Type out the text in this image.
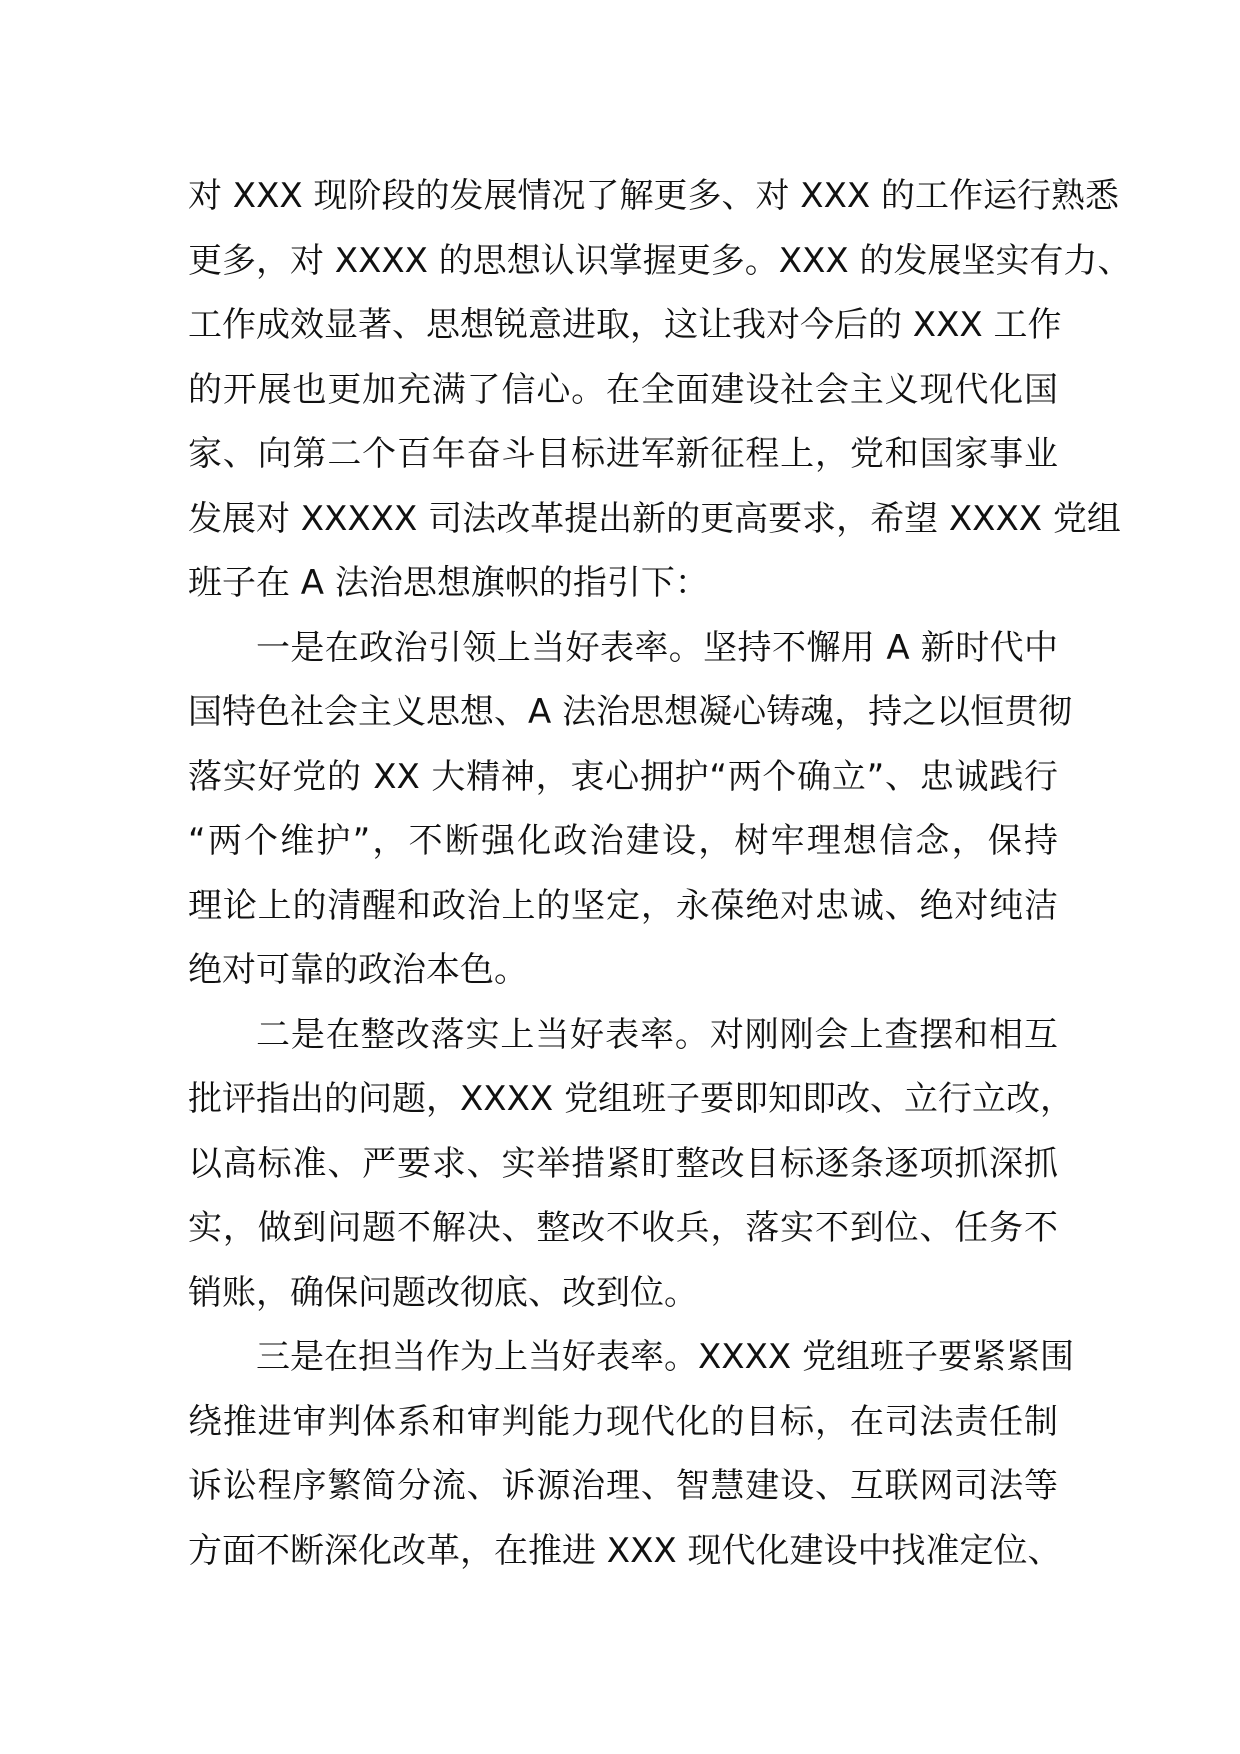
对 XXX 现阶段的发展情况了解更多、对 XXX 的工作运行熟悉
更多，对 XXXX 的思想认识掌握更多。XXX 的发展坚实有力、
工作成效显著、思想锐意进取，这让我对今后的 XXX 工作
的开展也更加充满了信心。在全面建设社会主义现代化国
家、向第二个百年奋斗目标进军新征程上，党和国家事业
发展对 XXXXX 司法改革提出新的更高要求，希望 XXXX 党组
班子在 A 法治思想旗帜的指引下：
一是在政治引领上当好表率。坚持不懈用 A 新时代中
国特色社会主义思想、A 法治思想凝心铸魂，持之以恒贯彻
落实好党的 XX 大精神，衷心拥护“两个确立”、忠诚践行
“两个维护”，不断强化政治建设，树牢理想信念，保持
理论上的清醒和政治上的坚定，永葆绝对忠诚、绝对纯洁
绝对可靠的政治本色。
二是在整改落实上当好表率。对刚刚会上查摆和相互
批评指出的问题，XXXX 党组班子要即知即改、立行立改，
以高标准、严要求、实举措紧盯整改目标逐条逐项抓深抓
实，做到问题不解决、整改不收兵，落实不到位、任务不
销账，确保问题改彻底、改到位。
三是在担当作为上当好表率。XXXX 党组班子要紧紧围
绕推进审判体系和审判能力现代化的目标，在司法责任制
诉讼程序繁简分流、诉源治理、智慧建设、互联网司法等
方面不断深化改革，在推进 XXX 现代化建设中找准定位、
